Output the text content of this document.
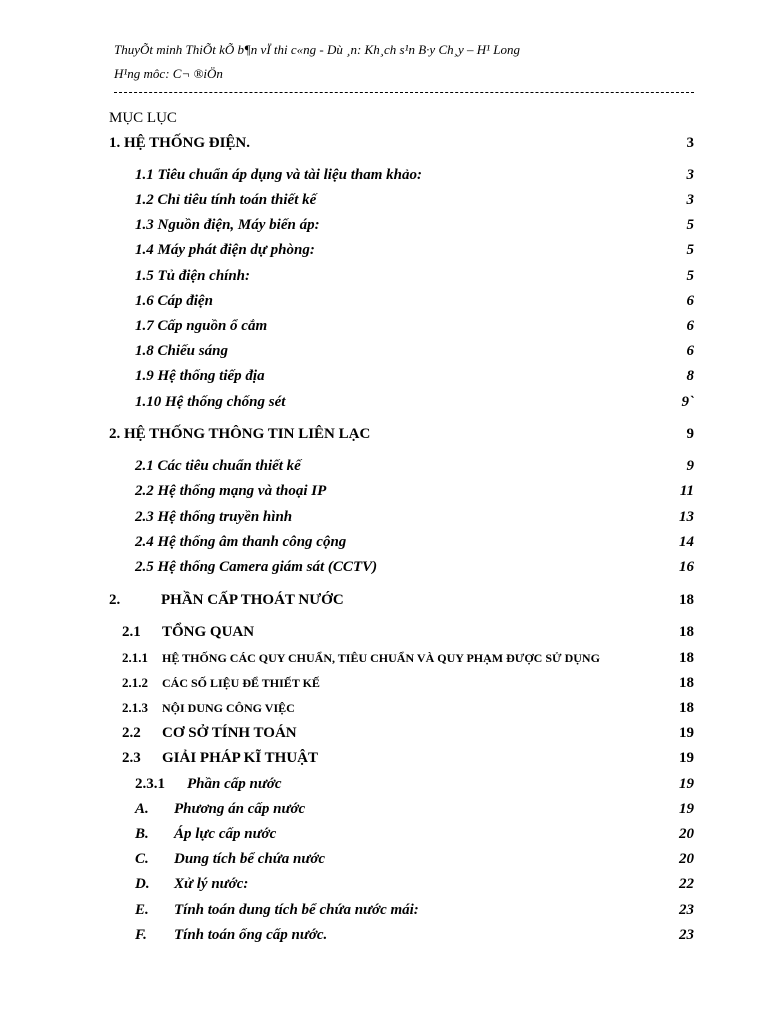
ThuyÕt minh ThiÕt kÕ b¶n vÏ thi c«ng - Dù ¸n: Kh¸ch s¹n B·y Ch¸y – H¹ Long
H¹ng môc: C¬ ®iÖn
MỤC LỤC
1. HỆ THỐNG ĐIỆN.	3
1.1 Tiêu chuẩn áp dụng và tài liệu tham khảo:	3
1.2 Chỉ tiêu tính toán thiết kế	3
1.3 Nguồn điện, Máy biến áp:	5
1.4 Máy phát điện dự phòng:	5
1.5 Tủ điện chính:	5
1.6 Cáp điện	6
1.7 Cấp nguồn ổ cắm	6
1.8 Chiếu sáng	6
1.9 Hệ thống tiếp địa	8
1.10 Hệ thống chống sét	9`
2. HỆ THỐNG THÔNG TIN LIÊN LẠC	9
2.1 Các tiêu chuẩn thiết kế	9
2.2 Hệ thống mạng và thoại IP	11
2.3 Hệ thống truyền hình	13
2.4 Hệ thống âm thanh công cộng	14
2.5 Hệ thống Camera giám sát (CCTV)	16
2.	PHẦN CẤP THOÁT NƯỚC	18
2.1 TỔNG QUAN	18
2.1.1 HỆ THỐNG CÁC QUY CHUẨN, TIÊU CHUẨN VÀ QUY PHẠM ĐƯỢC SỬ DỤNG	18
2.1.2 CÁC SỐ LIỆU ĐỂ THIẾT KẾ	18
2.1.3 NỘI DUNG CÔNG VIỆC	18
2.2 CƠ SỞ TÍNH TOÁN	19
2.3 GIẢI PHÁP KĨ THUẬT	19
2.3.1 Phần cấp nước	19
A. Phương án cấp nước	19
B. Áp lực cấp nước	20
C. Dung tích bể chứa nước	20
D. Xử lý nước:	22
E. Tính toán dung tích bể chứa nước mái:	23
F. Tính toán ống cấp nước.	23
